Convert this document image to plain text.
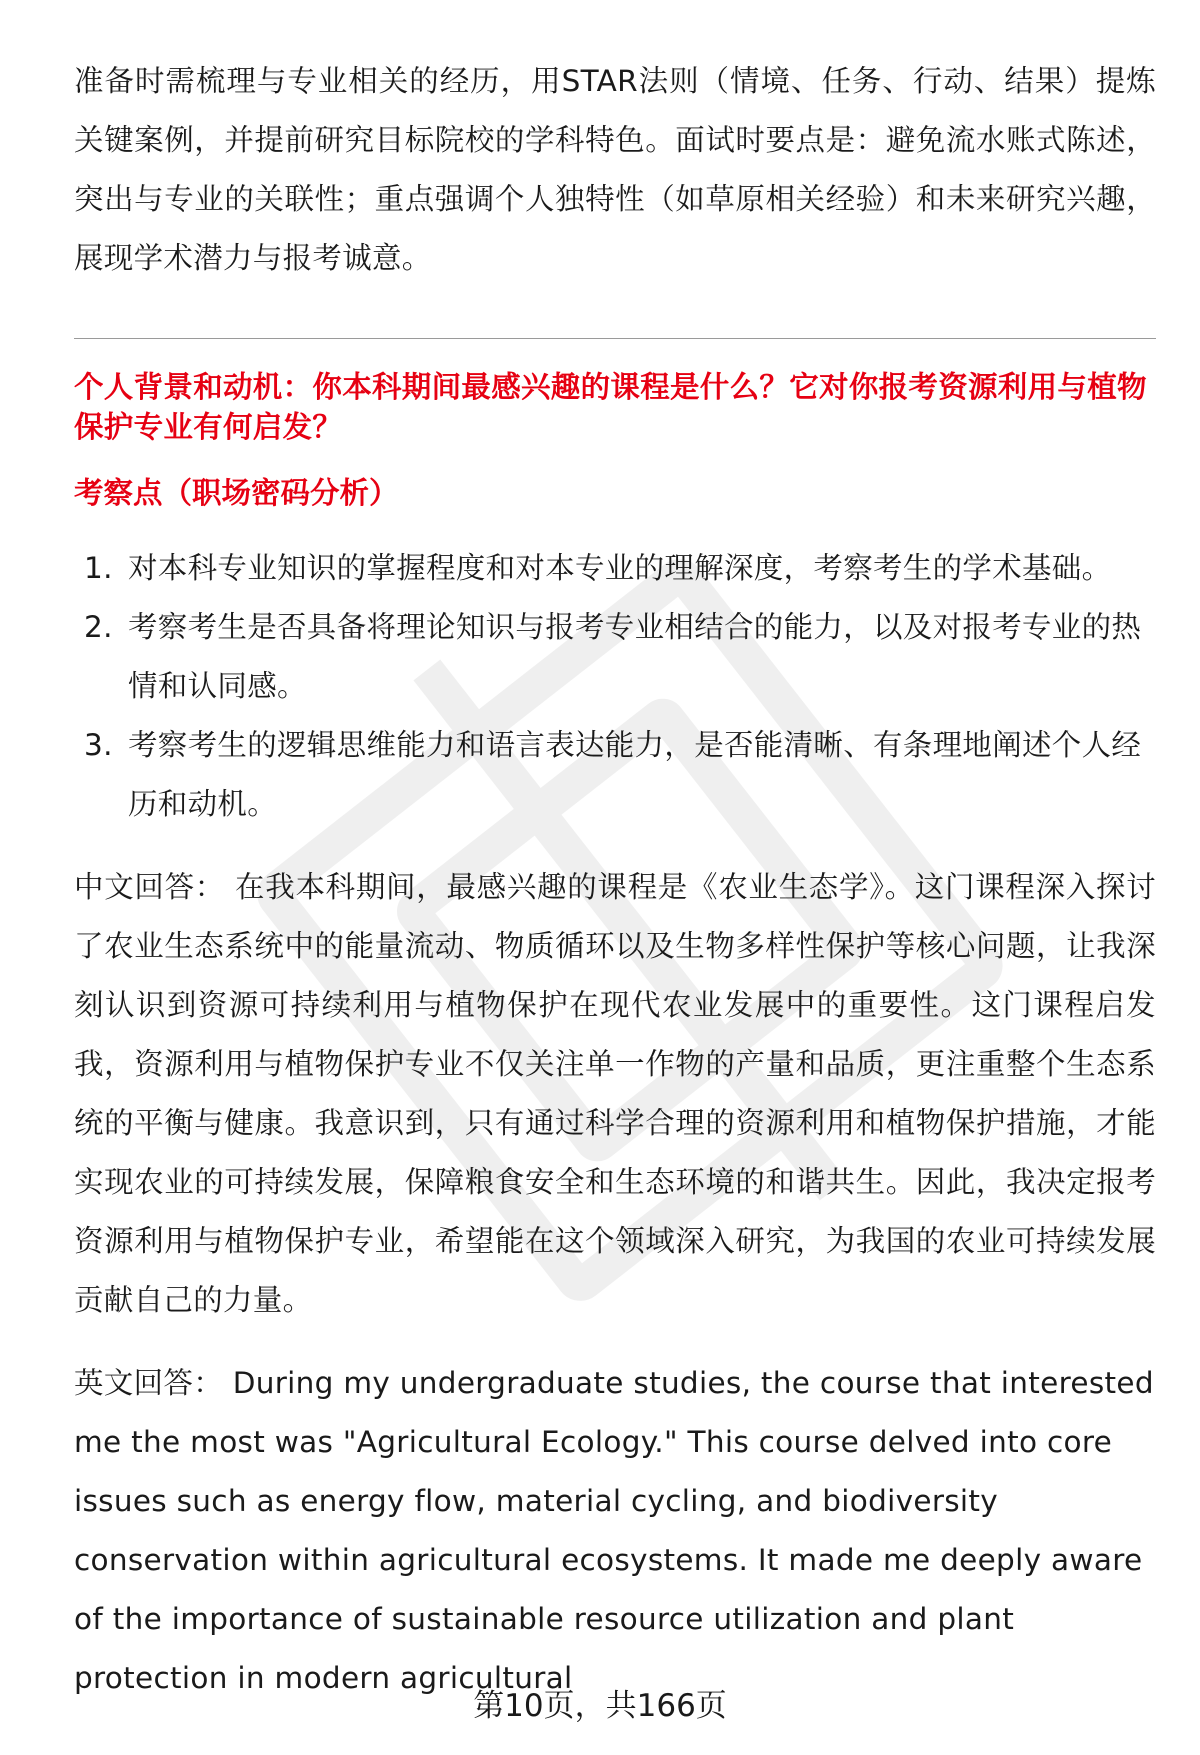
准备时需梳理与专业相关的经历，用STAR法则（情境、任务、行动、结果）提炼关键案例，并提前研究目标院校的学科特色。面试时要点是：避免流水账式陈述，突出与专业的关联性；重点强调个人独特性（如草原相关经验）和未来研究兴趣，展现学术潜力与报考诚意。

个人背景和动机：你本科期间最感兴趣的课程是什么？它对你报考资源利用与植物保护专业有何启发？
考察点（职场密码分析）
1. 对本科专业知识的掌握程度和对本专业的理解深度，考察考生的学术基础。
2. 考察考生是否具备将理论知识与报考专业相结合的能力，以及对报考专业的热情和认同感。
3. 考察考生的逻辑思维能力和语言表达能力，是否能清晰、有条理地阐述个人经历和动机。

中文回答： 在我本科期间，最感兴趣的课程是《农业生态学》。这门课程深入探讨了农业生态系统中的能量流动、物质循环以及生物多样性保护等核心问题，让我深刻认识到资源可持续利用与植物保护在现代农业发展中的重要性。这门课程启发我，资源利用与植物保护专业不仅关注单一作物的产量和品质，更注重整个生态系统的平衡与健康。我意识到，只有通过科学合理的资源利用和植物保护措施，才能实现农业的可持续发展，保障粮食安全和生态环境的和谐共生。因此，我决定报考资源利用与植物保护专业，希望能在这个领域深入研究，为我国的农业可持续发展贡献自己的力量。

英文回答： During my undergraduate studies, the course that interested me the most was "Agricultural Ecology." This course delved into core issues such as energy flow, material cycling, and biodiversity conservation within agricultural ecosystems. It made me deeply aware of the importance of sustainable resource utilization and plant protection in modern agricultural

第10页，共166页
